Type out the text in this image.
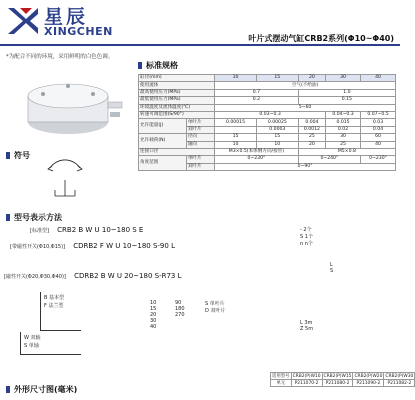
星辰
XINGCHEN
叶片式摆动气缸CRB2系列(Φ10~Φ40)
*为配合不同的环境，采用鲜明的白色色调。
标准规格
缸径(mm)		10	15	20	30	40
使用流体		空气(不给油)				
最高使用压力(MPa)		0.7		1.0		
最低使用压力(MPa)		0.2		0.15		
环境温度及流体温度(℃)		5~60				
转速可调范围(S/90°)		0.03~0.3			0.04~0.3	0.07~0.5
允许能量(J)	单叶片	0.00015	0.00025	0.004	0.015	0.03
	双叶片		0.0003	0.0012	0.02	0.04
允许载荷(N)	径向	15	15	25	30	60
	轴向	10	10	20	25	40
连接口径		M3×0.5(本体侧方向/接管)		M5×0.8		
角度范围	单叶片	0~230°		0~240°		0~230°
	双叶片	0~90°				
符号
型号表示方法
[标准型] CRB2 B W U 10~180 S E
[带磁性开关(Φ10,Φ15)] CDRB2 F W U 10~180 S-90 L
[磁性开关(Φ20,Φ30,Φ40)] CDRB2 B W U 20~180 S-R73 L
B 基本型
F 法兰型
W 双轴
S 单轴
10
15
20
30
40
90
180
270
S 单叶片
D 双叶片
- 2个
S 1个
n n个
L
S
L 3m
Z 5m
适用型号	CRB2(P)W10	CRB2(P)W15	CRB2(P)W20	CRB2(P)W30
单元	P211070-2	P211080-2	P211090-2	P211082-2
外形尺寸图(毫米)
